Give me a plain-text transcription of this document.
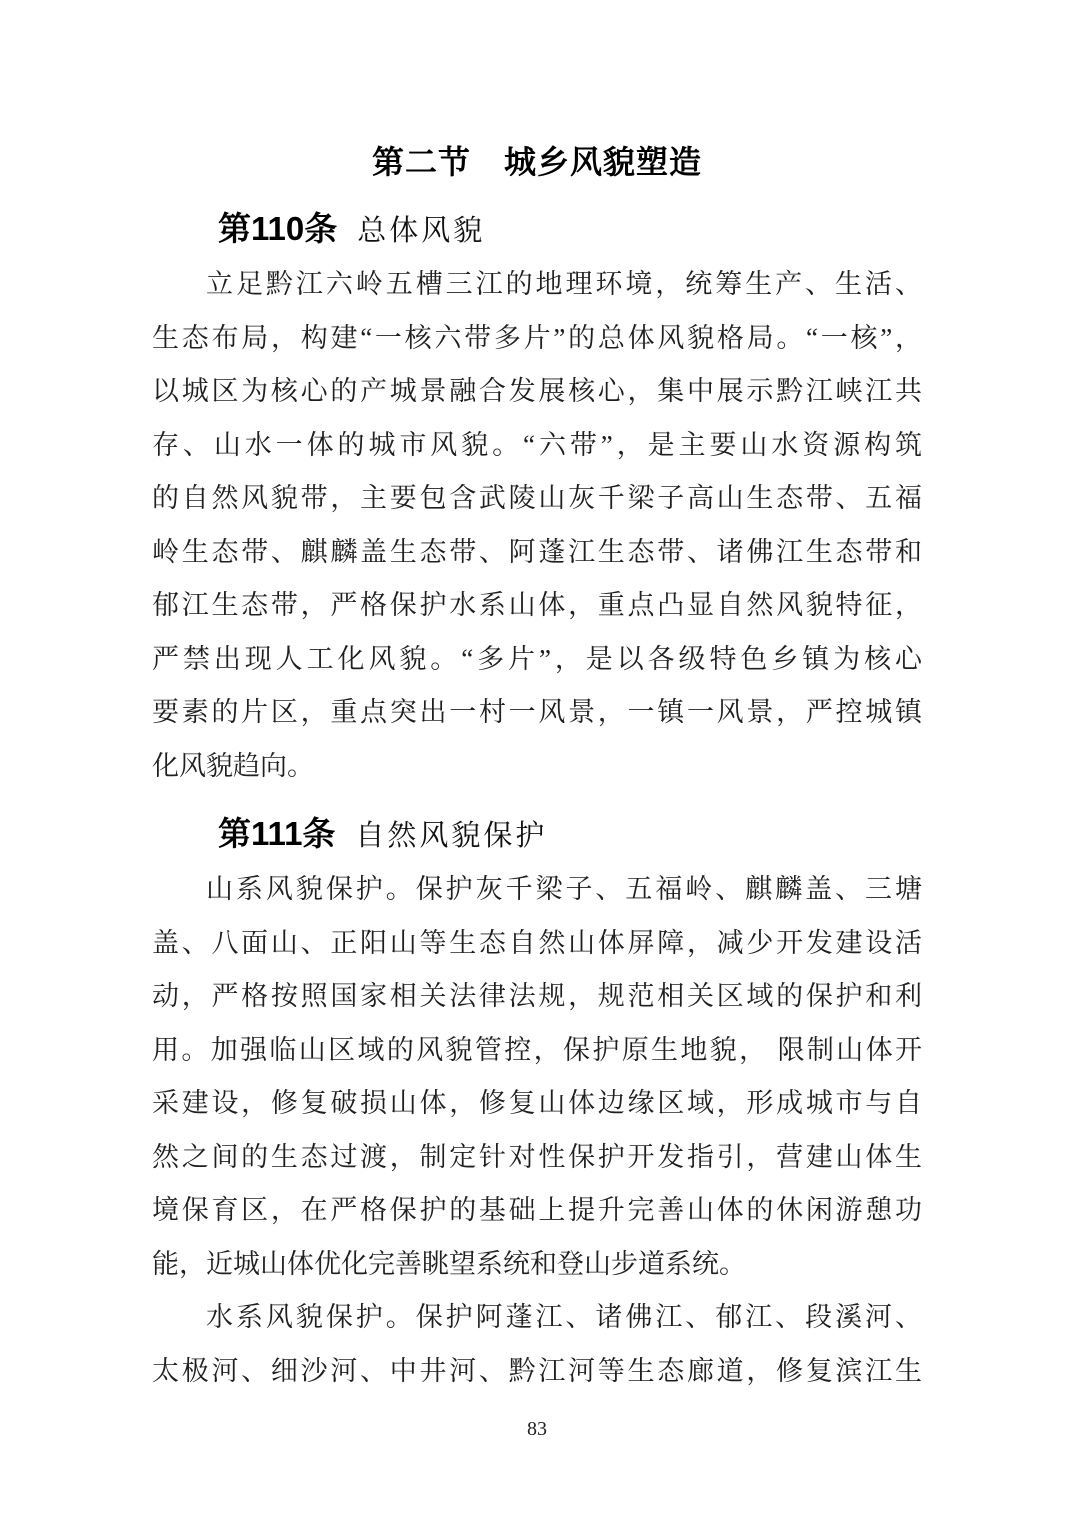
第二节　城乡风貌塑造
第110条 总体风貌
立足黔江六岭五槽三江的地理环境，统筹生产、生活、
生态布局，构建“一核六带多片”的总体风貌格局。“一核”，
以城区为核心的产城景融合发展核心，集中展示黔江峡江共
存、山水一体的城市风貌。“六带”，是主要山水资源构筑
的自然风貌带，主要包含武陵山灰千梁子高山生态带、五福
岭生态带、麒麟盖生态带、阿蓬江生态带、诸佛江生态带和
郁江生态带，严格保护水系山体，重点凸显自然风貌特征，
严禁出现人工化风貌。“多片”，是以各级特色乡镇为核心
要素的片区，重点突出一村一风景，一镇一风景，严控城镇
化风貌趋向。
第111条 自然风貌保护
山系风貌保护。保护灰千梁子、五福岭、麒麟盖、三塘
盖、八面山、正阳山等生态自然山体屏障，减少开发建设活
动，严格按照国家相关法律法规，规范相关区域的保护和利
用。加强临山区域的风貌管控，保护原生地貌， 限制山体开
采建设，修复破损山体，修复山体边缘区域，形成城市与自
然之间的生态过渡，制定针对性保护开发指引，营建山体生
境保育区，在严格保护的基础上提升完善山体的休闲游憩功
能，近城山体优化完善眺望系统和登山步道系统。
水系风貌保护。保护阿蓬江、诸佛江、郁江、段溪河、
太极河、细沙河、中井河、黔江河等生态廊道，修复滨江生
83
